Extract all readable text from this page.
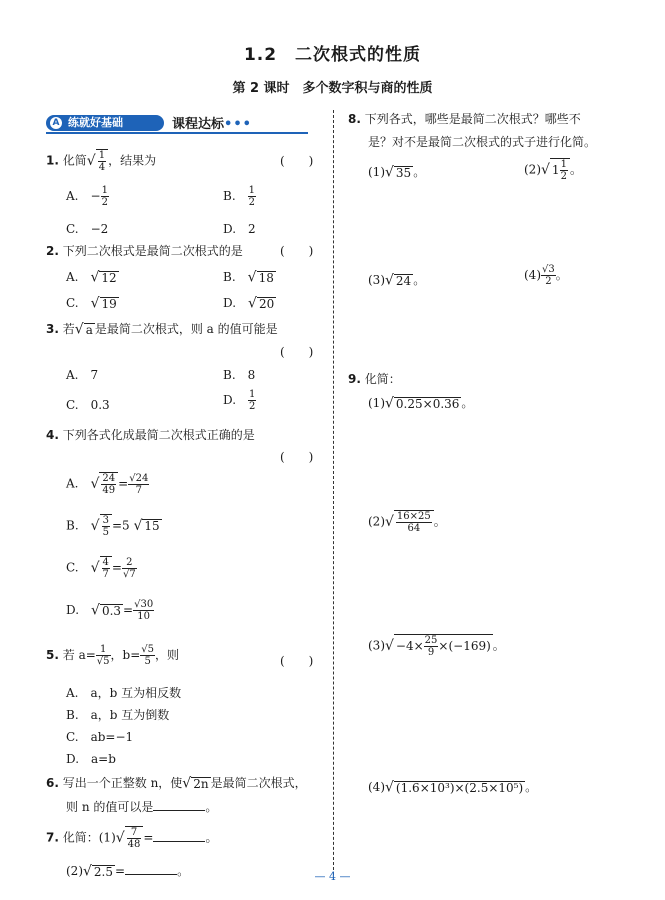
1.2　二次根式的性质
第 2 课时　多个数字积与商的性质
A 练就好基础	课程达标•••
1. 化简√ $\frac{1}{4}$ ，结果为	(　　)
A.　 − $\frac{1}{2}$	B.　 $\frac{1}{2}$
C.　−2	D.　2
2. 下列二次根式是最简二次根式的是	(　　)
A.　 √ 12	B.　 √ 18
C.　 √ 19	D.　 √ 20
3. 若√ a 是最简二次根式，则 a 的值可能是
(　　)
A.　7	B.　8
C.　0.3	D.　 $\frac{1}{2}$
4. 下列各式化成最简二次根式正确的是
(　　)
A.　 √ $\frac{24}{49} = \frac{√24}{7}$
B.　 √ $\frac{3}{5} =5$ √ 15
C.　 √ $\frac{4}{7} = \frac{2}{√7}$
D.　 √ $0.3 = \frac{√30}{10}$
5. 若 $a= \frac{1}{√5}$ ，$b= \frac{√5}{5}$ ，则	(　　)
A.　a，b 互为相反数
B.　a，b 互为倒数
C.　ab=−1
D.　a=b
6. 写出一个正整数 n，使√ 2n 是最简二次根式，
则 n 的值可以是	。
7. 化简：$(1)√ \frac{7}{48}$ =	。
(2)√ 2.5 =	。
8. 下列各式，哪些是最简二次根式？哪些不
是？对不是最简二次根式的式子进行化简。
(1)√ 35 。	(2)√ $1 \frac{1}{2}$ 。
(3)√ 24 。	$(4) \frac{√3}{2}$ 。
9. 化简：
(1)√ 0.25×0.36 。
$(2)√ \frac{16\times 25}{64}$ 。
$(3)√ -4\times \frac{25}{9} \times(-169)$ 。
(4)√ (1.6×10³)×(2.5×10⁵) 。
— 4 —
